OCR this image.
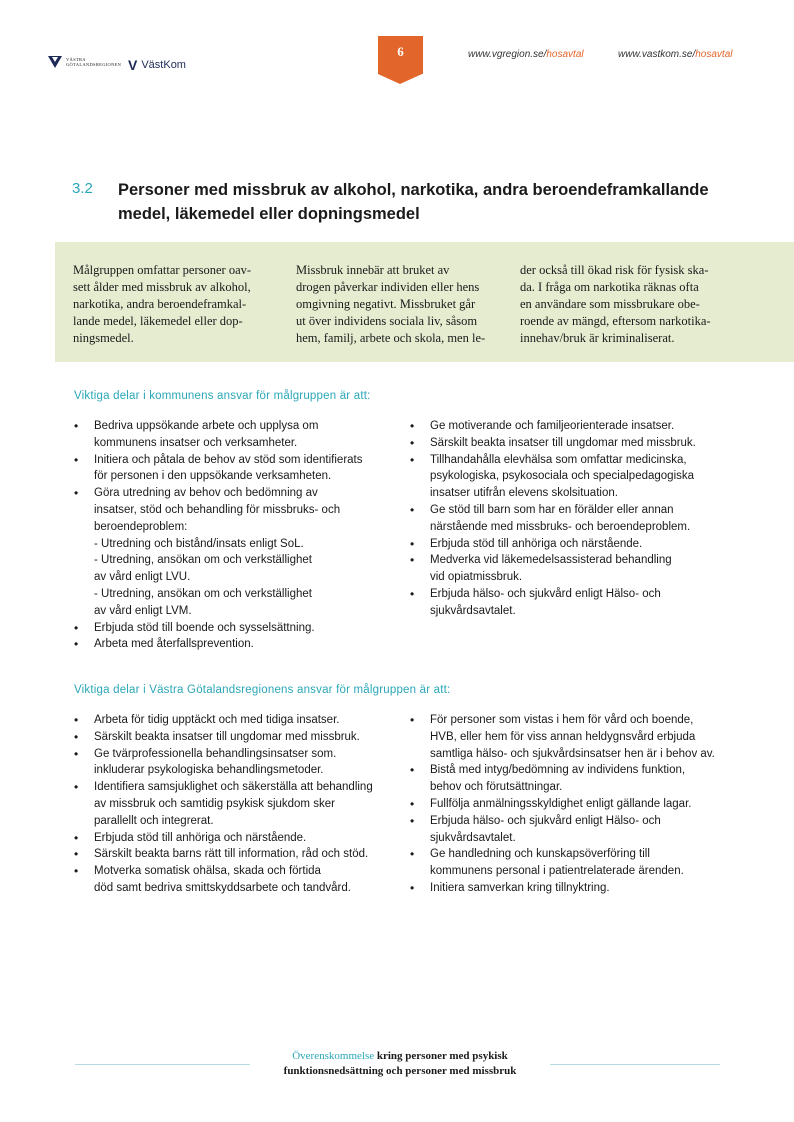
VÄSTRA
GÖTALANDSREGIONEN V VästKom
6	www.vgregion.se/hosavtal	www.vastkom.se/hosavtal
3.2 Personer med missbruk av alkohol, narkotika, andra beroendeframkallande medel, läkemedel eller dopningsmedel
Målgruppen omfattar personer oav-
sett ålder med missbruk av alkohol,
narkotika, andra beroendeframkal-
lande medel, läkemedel eller dop-
ningsmedel.
Missbruk innebär att bruket av
drogen påverkar individen eller hens
omgivning negativt. Missbruket går
ut över individens sociala liv, såsom
hem, familj, arbete och skola, men le-
der också till ökad risk för fysisk ska-
da. I fråga om narkotika räknas ofta
en användare som missbrukare obe-
roende av mängd, eftersom narkotika-
innehav/bruk är kriminaliserat.
Viktiga delar i kommunens ansvar för målgruppen är att:
• Bedriva uppsökande arbete och upplysa om
kommunens insatser och verksamheter.
• Initiera och påtala de behov av stöd som identifierats
för personen i den uppsökande verksamheten.
• Göra utredning av behov och bedömning av
insatser, stöd och behandling för missbruks- och
beroendeproblem:
- Utredning och bistånd/insats enligt SoL.
- Utredning, ansökan om och verkställighet
av vård enligt LVU.
- Utredning, ansökan om och verkställighet
av vård enligt LVM.
• Erbjuda stöd till boende och sysselsättning.
• Arbeta med återfallsprevention.
• Ge motiverande och familjeorienterade insatser.
• Särskilt beakta insatser till ungdomar med missbruk.
• Tillhandahålla elevhälsa som omfattar medicinska,
psykologiska, psykosociala och specialpedagogiska
insatser utifrån elevens skolsituation.
• Ge stöd till barn som har en förälder eller annan
närstående med missbruks- och beroendeproblem.
• Erbjuda stöd till anhöriga och närstående.
• Medverka vid läkemedelsassisterad behandling
vid opiatmissbruk.
• Erbjuda hälso- och sjukvård enligt Hälso- och
sjukvårdsavtalet.
Viktiga delar i Västra Götalandsregionens ansvar för målgruppen är att:
• Arbeta för tidig upptäckt och med tidiga insatser.
• Särskilt beakta insatser till ungdomar med missbruk.
• Ge tvärprofessionella behandlingsinsatser som.
inkluderar psykologiska behandlingsmetoder.
• Identifiera samsjuklighet och säkerställa att behandling
av missbruk och samtidig psykisk sjukdom sker
parallellt och integrerat.
• Erbjuda stöd till anhöriga och närstående.
• Särskilt beakta barns rätt till information, råd och stöd.
• Motverka somatisk ohälsa, skada och förtida
död samt bedriva smittskyddsarbete och tandvård.
• För personer som vistas i hem för vård och boende,
HVB, eller hem för viss annan heldygnsvård erbjuda
samtliga hälso- och sjukvårdsinsatser hen är i behov av.
• Bistå med intyg/bedömning av individens funktion,
behov och förutsättningar.
• Fullfölja anmälningsskyldighet enligt gällande lagar.
• Erbjuda hälso- och sjukvård enligt Hälso- och
sjukvårdsavtalet.
• Ge handledning och kunskapsöverföring till
kommunens personal i patientrelaterade ärenden.
• Initiera samverkan kring tillnyktring.
Överenskommelse kring personer med psykisk
funktionsnedsättning och personer med missbruk
